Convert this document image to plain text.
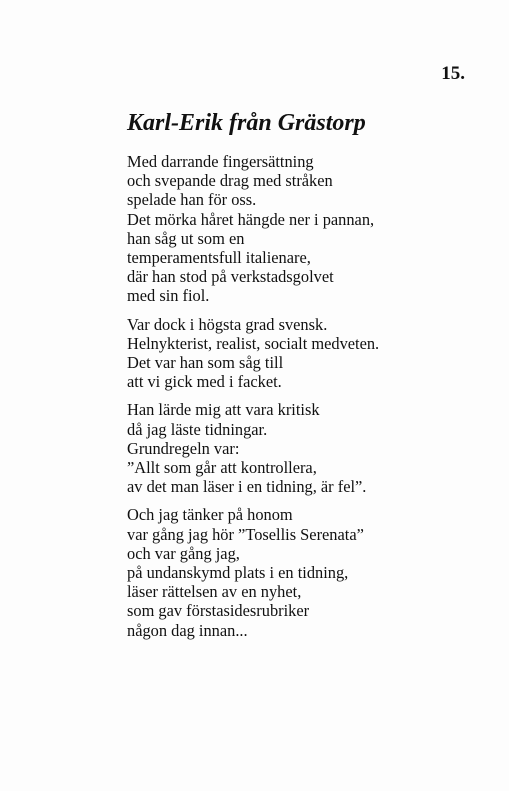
15.

Karl-Erik från Grästorp
Med darrande fingersättning
och svepande drag med stråken
spelade han för oss.
Det mörka håret hängde ner i pannan,
han såg ut som en
temperamentsfull italienare,
där han stod på verkstadsgolvet
med sin fiol.
Var dock i högsta grad svensk.
Helnykterist, realist, socialt medveten.
Det var han som såg till
att vi gick med i facket.
Han lärde mig att vara kritisk
då jag läste tidningar.
Grundregeln var:
”Allt som går att kontrollera,
av det man läser i en tidning, är fel”.
Och jag tänker på honom
var gång jag hör ”Tosellis Serenata”
och var gång jag,
på undanskymd plats i en tidning,
läser rättelsen av en nyhet,
som gav förstasidesrubriker
någon dag innan...
